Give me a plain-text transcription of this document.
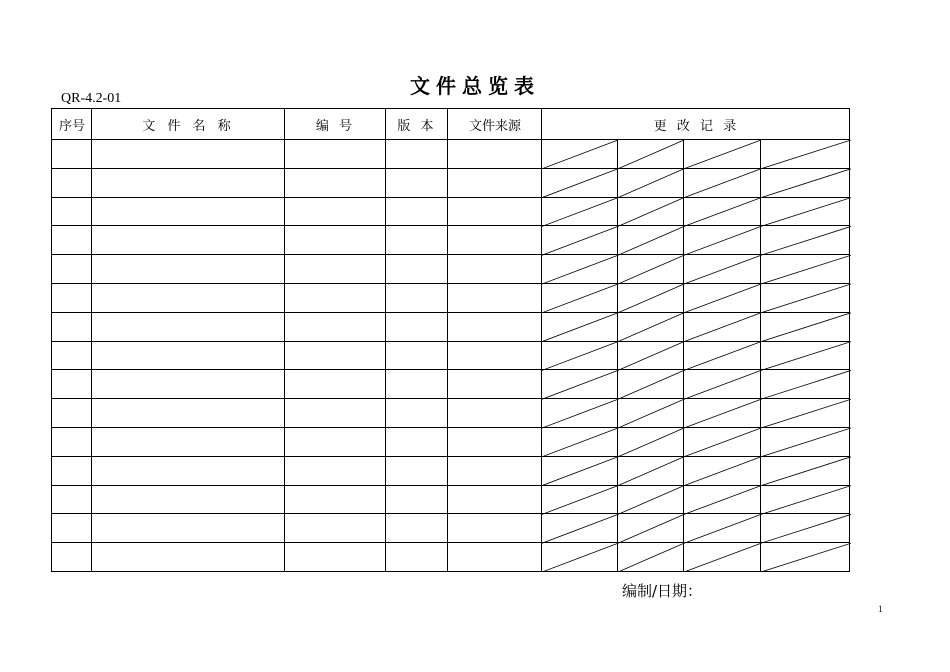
文件总览表
QR-4.2-01
序号	文 件 名 称	编 号	版 本	文件来源	更 改 记 录
编制/日期：
1
